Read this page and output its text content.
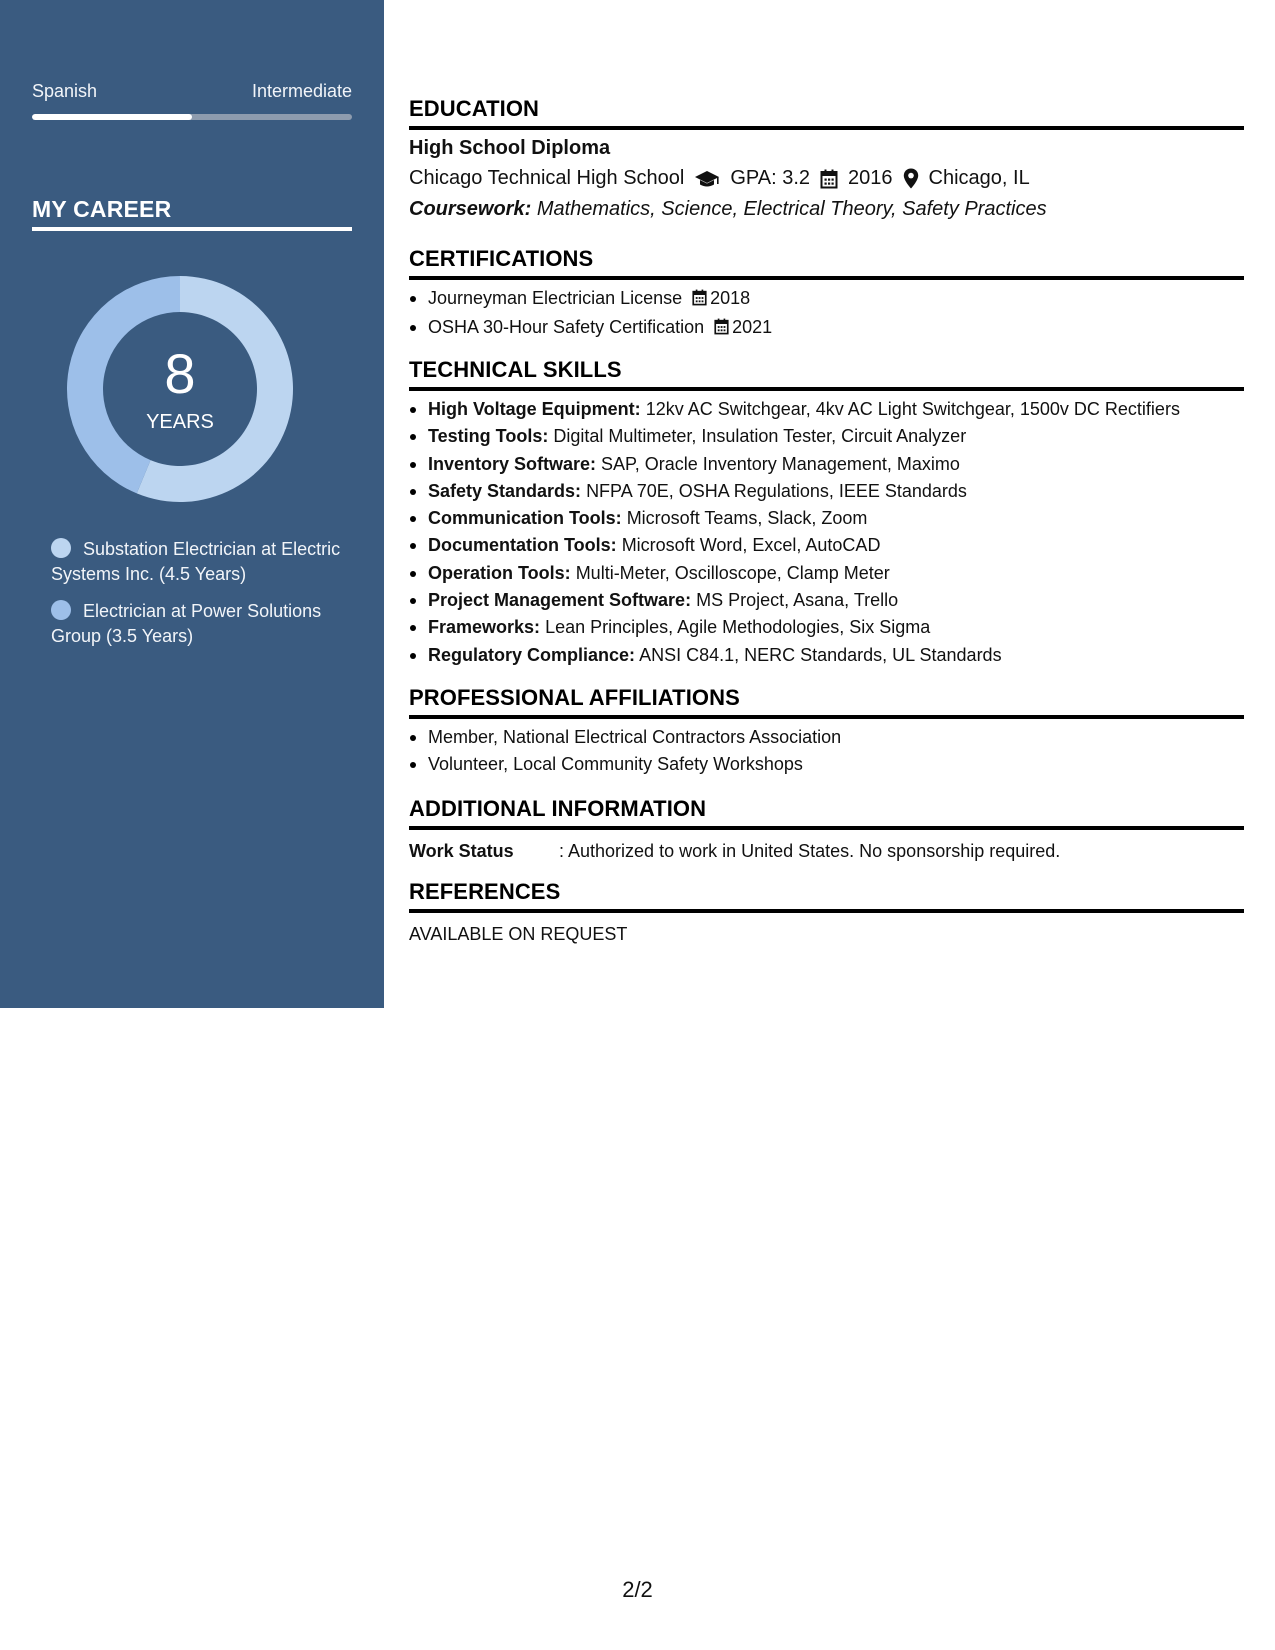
Spanish	Intermediate
MY CAREER
8
YEARS
Substation Electrician at Electric Systems Inc. (4.5 Years)
Electrician at Power Solutions Group (3.5 Years)
EDUCATION
High School Diploma
Chicago Technical High School GPA: 3.2 2016 Chicago, IL
Coursework: Mathematics, Science, Electrical Theory, Safety Practices
CERTIFICATIONS
Journeyman Electrician License 2018
OSHA 30-Hour Safety Certification 2021
TECHNICAL SKILLS
High Voltage Equipment: 12kv AC Switchgear, 4kv AC Light Switchgear, 1500v DC Rectifiers
Testing Tools: Digital Multimeter, Insulation Tester, Circuit Analyzer
Inventory Software: SAP, Oracle Inventory Management, Maximo
Safety Standards: NFPA 70E, OSHA Regulations, IEEE Standards
Communication Tools: Microsoft Teams, Slack, Zoom
Documentation Tools: Microsoft Word, Excel, AutoCAD
Operation Tools: Multi-Meter, Oscilloscope, Clamp Meter
Project Management Software: MS Project, Asana, Trello
Frameworks: Lean Principles, Agile Methodologies, Six Sigma
Regulatory Compliance: ANSI C84.1, NERC Standards, UL Standards
PROFESSIONAL AFFILIATIONS
Member, National Electrical Contractors Association
Volunteer, Local Community Safety Workshops
ADDITIONAL INFORMATION
Work Status	: Authorized to work in United States. No sponsorship required.
REFERENCES
AVAILABLE ON REQUEST
2/2
